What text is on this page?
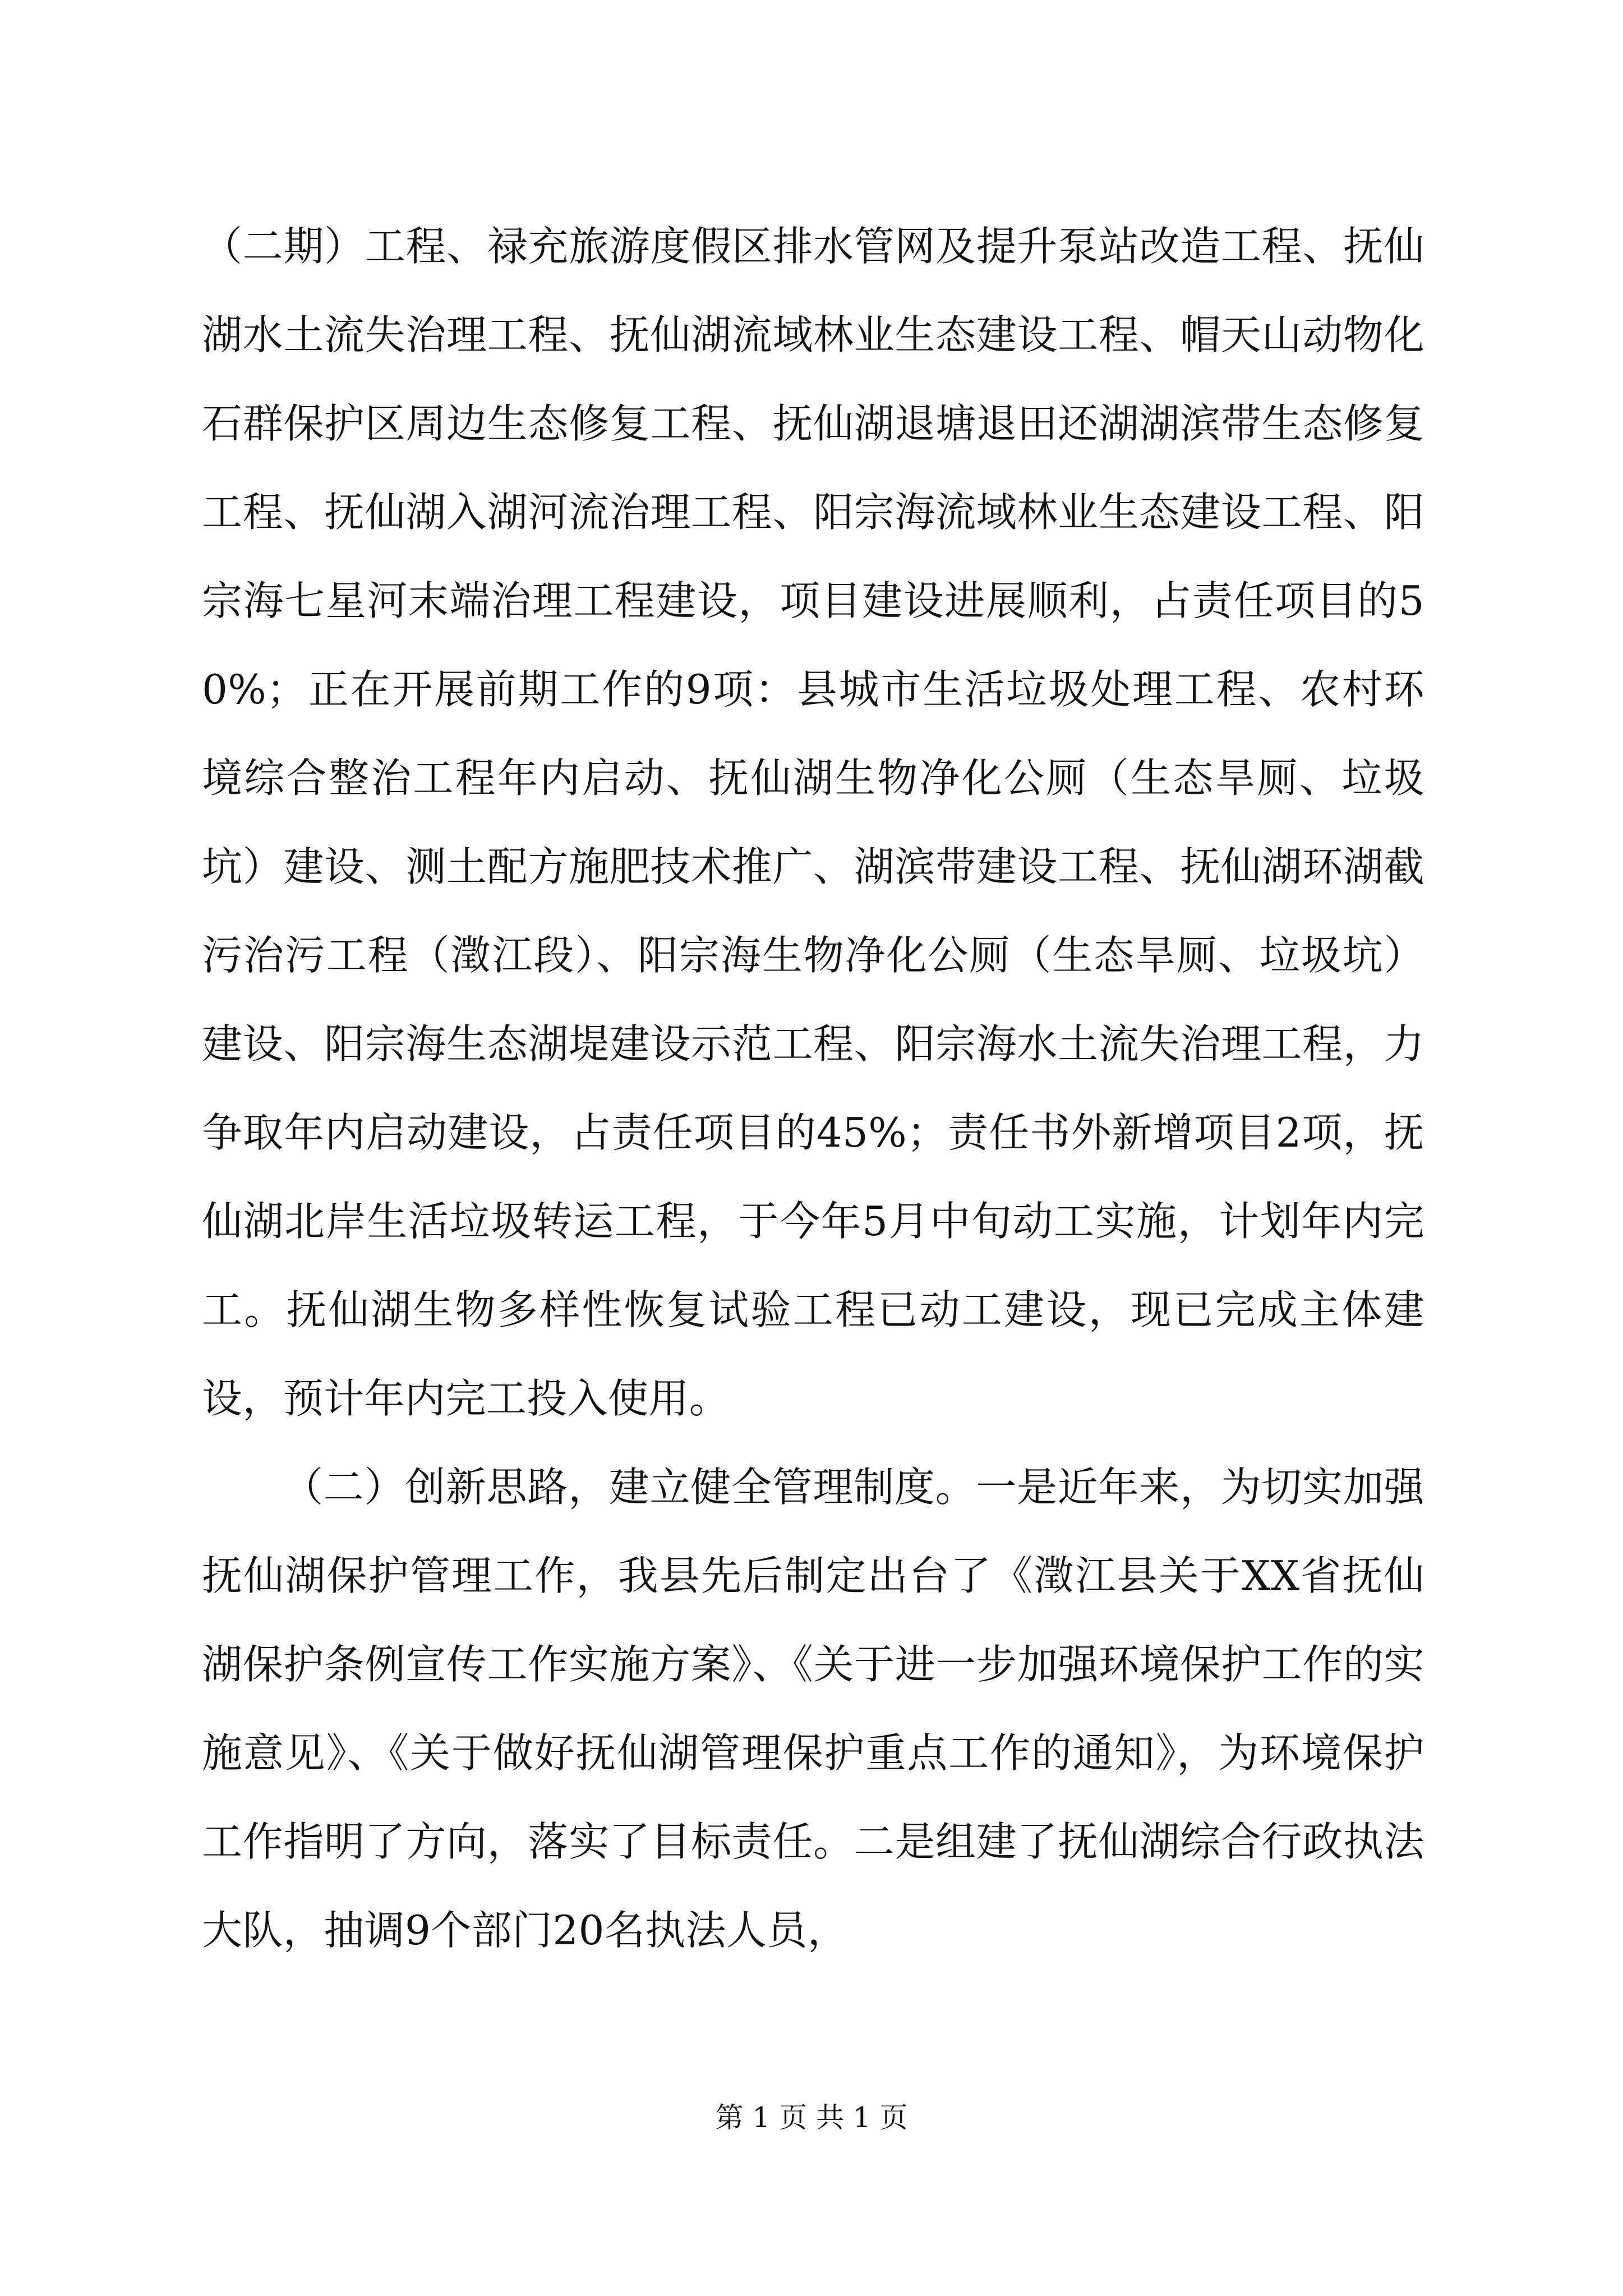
（二期）工程、禄充旅游度假区排水管网及提升泵站改造工程、抚仙湖水土流失治理工程、抚仙湖流域林业生态建设工程、帽天山动物化石群保护区周边生态修复工程、抚仙湖退塘退田还湖湖滨带生态修复工程、抚仙湖入湖河流治理工程、阳宗海流域林业生态建设工程、阳宗海七星河末端治理工程建设，项目建设进展顺利，占责任项目的50%；正在开展前期工作的9项：县城市生活垃圾处理工程、农村环境综合整治工程年内启动、抚仙湖生物净化公厕（生态旱厕、垃圾坑）建设、测土配方施肥技术推广、湖滨带建设工程、抚仙湖环湖截污治污工程（澂江段）、阳宗海生物净化公厕（生态旱厕、垃圾坑）建设、阳宗海生态湖堤建设示范工程、阳宗海水土流失治理工程，力争取年内启动建设，占责任项目的45%；责任书外新增项目2项，抚仙湖北岸生活垃圾转运工程，于今年5月中旬动工实施，计划年内完工。抚仙湖生物多样性恢复试验工程已动工建设，现已完成主体建设，预计年内完工投入使用。

（二）创新思路，建立健全管理制度。一是近年来，为切实加强抚仙湖保护管理工作，我县先后制定出台了《澂江县关于XX省抚仙湖保护条例宣传工作实施方案》、《关于进一步加强环境保护工作的实施意见》、《关于做好抚仙湖管理保护重点工作的通知》，为环境保护工作指明了方向，落实了目标责任。二是组建了抚仙湖综合行政执法大队，抽调9个部门20名执法人员，

第 1 页 共 1 页
